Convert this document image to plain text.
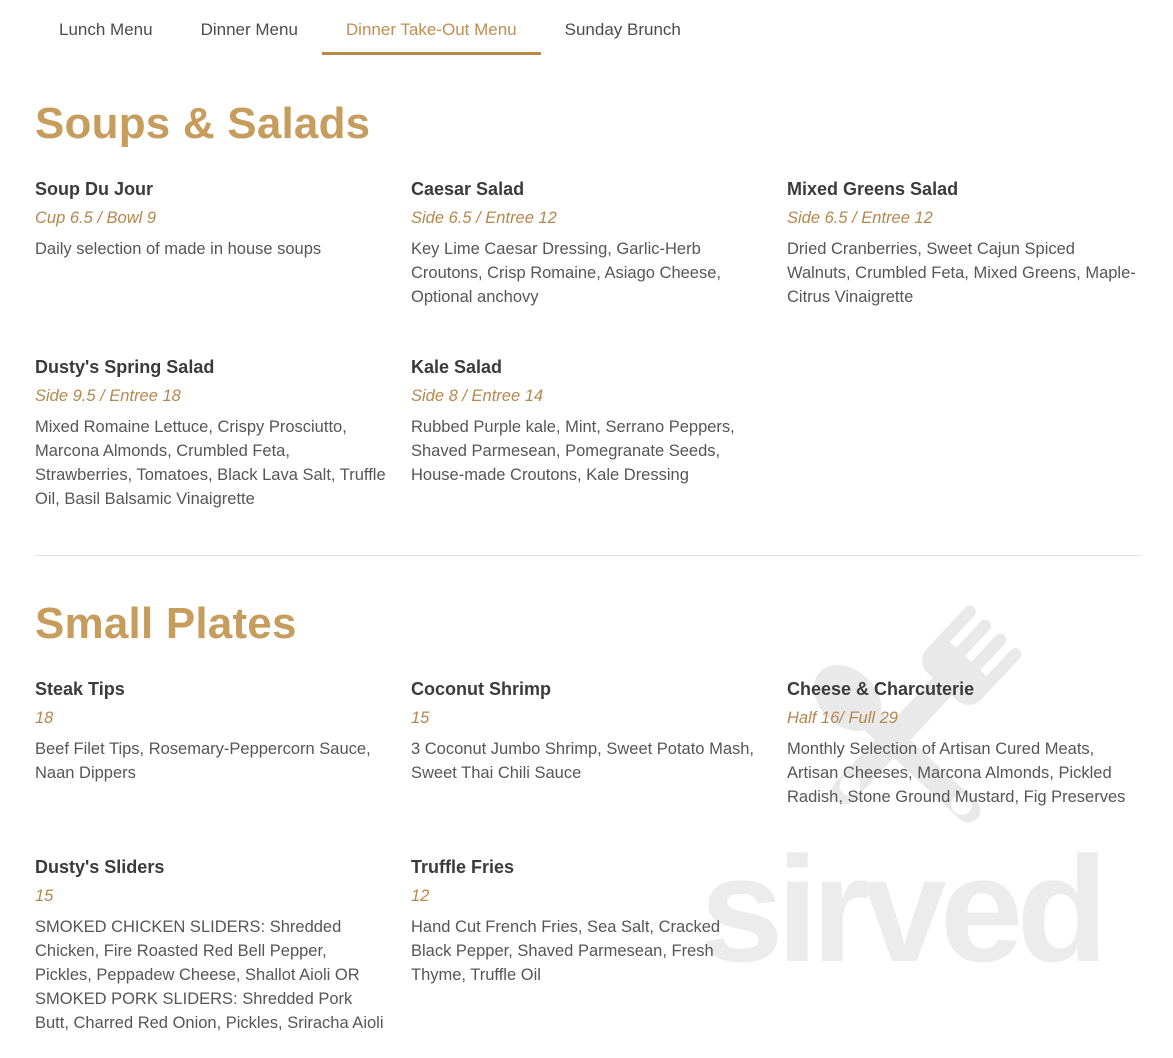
sirved
Lunch Menu	Dinner Menu	Dinner Take-Out Menu	Sunday Brunch
Soups & Salads
Soup Du Jour
Cup 6.5 / Bowl 9
Daily selection of made in house soups
Caesar Salad
Side 6.5 / Entree 12
Key Lime Caesar Dressing, Garlic-Herb Croutons, Crisp Romaine, Asiago Cheese, Optional anchovy
Mixed Greens Salad
Side 6.5 / Entree 12
Dried Cranberries, Sweet Cajun Spiced Walnuts, Crumbled Feta, Mixed Greens, Maple-Citrus Vinaigrette
Dusty's Spring Salad
Side 9.5 / Entree 18
Mixed Romaine Lettuce, Crispy Prosciutto, Marcona Almonds, Crumbled Feta, Strawberries, Tomatoes, Black Lava Salt, Truffle Oil, Basil Balsamic Vinaigrette
Kale Salad
Side 8 / Entree 14
Rubbed Purple kale, Mint, Serrano Peppers, Shaved Parmesean, Pomegranate Seeds, House-made Croutons, Kale Dressing
Small Plates
Steak Tips
18
Beef Filet Tips, Rosemary-Peppercorn Sauce, Naan Dippers
Coconut Shrimp
15
3 Coconut Jumbo Shrimp, Sweet Potato Mash, Sweet Thai Chili Sauce
Cheese & Charcuterie
Half 16/ Full 29
Monthly Selection of Artisan Cured Meats, Artisan Cheeses, Marcona Almonds, Pickled Radish, Stone Ground Mustard, Fig Preserves
Dusty's Sliders
15
SMOKED CHICKEN SLIDERS: Shredded Chicken, Fire Roasted Red Bell Pepper, Pickles, Peppadew Cheese, Shallot Aioli OR SMOKED PORK SLIDERS: Shredded Pork Butt, Charred Red Onion, Pickles, Sriracha Aioli
Truffle Fries
12
Hand Cut French Fries, Sea Salt, Cracked Black Pepper, Shaved Parmesean, Fresh Thyme, Truffle Oil
